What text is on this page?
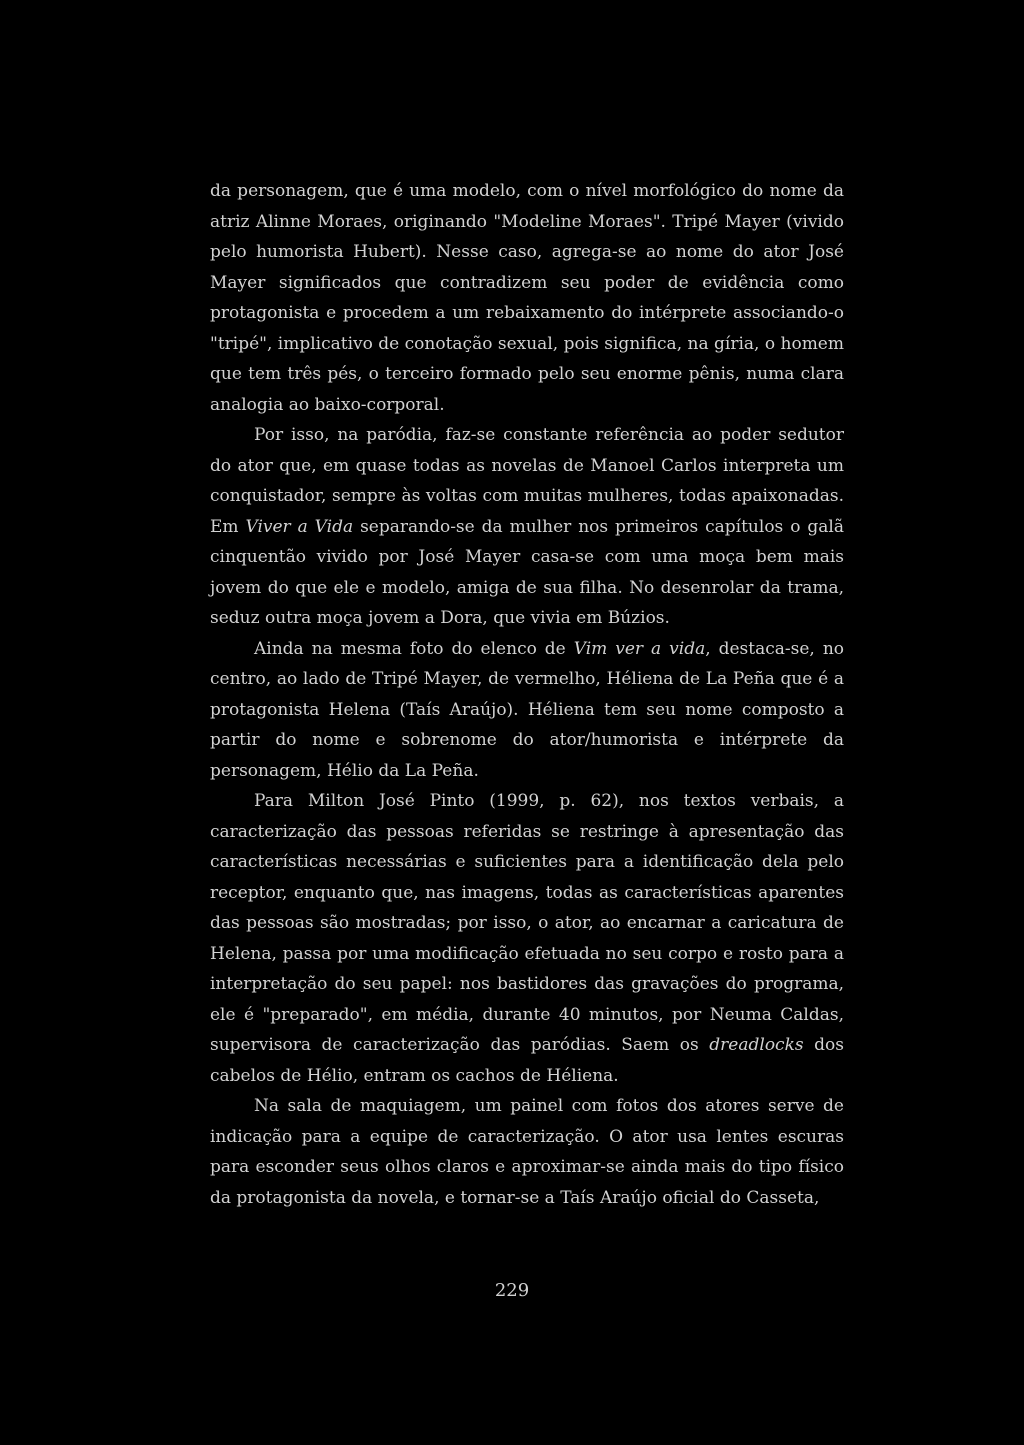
da personagem, que é uma modelo, com o nível morfológico do nome da atriz Alinne Moraes, originando "Modeline Moraes". Tripé Mayer (vivido pelo humorista Hubert). Nesse caso, agrega-se ao nome do ator José Mayer significados que contradizem seu poder de evidência como protagonista e procedem a um rebaixamento do intérprete associando-o "tripé", implicativo de conotação sexual, pois significa, na gíria, o homem que tem três pés, o terceiro formado pelo seu enorme pênis, numa clara analogia ao baixo-corporal.

Por isso, na paródia, faz-se constante referência ao poder sedutor do ator que, em quase todas as novelas de Manoel Carlos interpreta um conquistador, sempre às voltas com muitas mulheres, todas apaixonadas. Em Viver a Vida separando-se da mulher nos primeiros capítulos o galã cinquentão vivido por José Mayer casa-se com uma moça bem mais jovem do que ele e modelo, amiga de sua filha. No desenrolar da trama, seduz outra moça jovem a Dora, que vivia em Búzios.

Ainda na mesma foto do elenco de Vim ver a vida, destaca-se, no centro, ao lado de Tripé Mayer, de vermelho, Héliena de La Peña que é a protagonista Helena (Taís Araújo). Héliena tem seu nome composto a partir do nome e sobrenome do ator/humorista e intérprete da personagem, Hélio da La Peña.

Para Milton José Pinto (1999, p. 62), nos textos verbais, a caracterização das pessoas referidas se restringe à apresentação das características necessárias e suficientes para a identificação dela pelo receptor, enquanto que, nas imagens, todas as características aparentes das pessoas são mostradas; por isso, o ator, ao encarnar a caricatura de Helena, passa por uma modificação efetuada no seu corpo e rosto para a interpretação do seu papel: nos bastidores das gravações do programa, ele é "preparado", em média, durante 40 minutos, por Neuma Caldas, supervisora de caracterização das paródias. Saem os dreadlocks dos cabelos de Hélio, entram os cachos de Héliena.

Na sala de maquiagem, um painel com fotos dos atores serve de indicação para a equipe de caracterização. O ator usa lentes escuras para esconder seus olhos claros e aproximar-se ainda mais do tipo físico da protagonista da novela, e tornar-se a Taís Araújo oficial do Casseta,

229
